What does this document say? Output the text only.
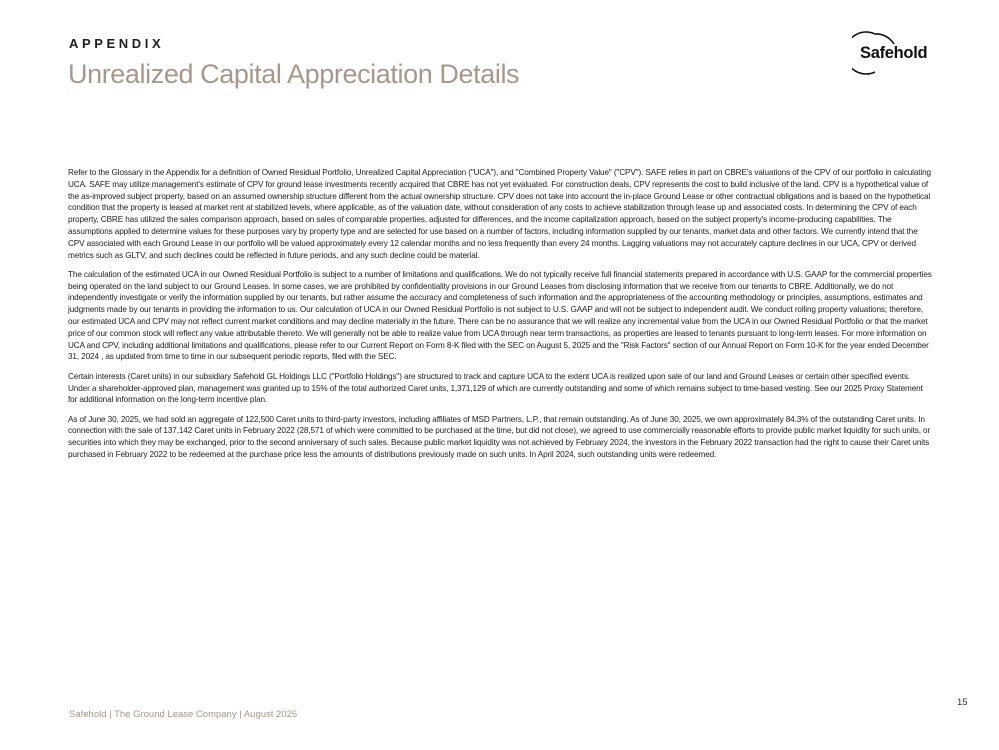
APPENDIX
Unrealized Capital Appreciation Details
Safehold

Refer to the Glossary in the Appendix for a definition of Owned Residual Portfolio, Unrealized Capital Appreciation ("UCA"), and "Combined Property Value" ("CPV"). SAFE relies in part on CBRE's valuations of the CPV of our portfolio in calculating UCA. SAFE may utilize management's estimate of CPV for ground lease investments recently acquired that CBRE has not yet evaluated. For construction deals, CPV represents the cost to build inclusive of the land. CPV is a hypothetical value of the as-improved subject property, based on an assumed ownership structure different from the actual ownership structure. CPV does not take into account the in-place Ground Lease or other contractual obligations and is based on the hypothetical condition that the property is leased at market rent at stabilized levels, where applicable, as of the valuation date, without consideration of any costs to achieve stabilization through lease up and associated costs. In determining the CPV of each property, CBRE has utilized the sales comparison approach, based on sales of comparable properties, adjusted for differences, and the income capitalization approach, based on the subject property's income-producing capabilities. The assumptions applied to determine values for these purposes vary by property type and are selected for use based on a number of factors, including information supplied by our tenants, market data and other factors. We currently intend that the CPV associated with each Ground Lease in our portfolio will be valued approximately every 12 calendar months and no less frequently than every 24 months. Lagging valuations may not accurately capture declines in our UCA, CPV or derived metrics such as GLTV, and such declines could be reflected in future periods, and any such decline could be material.

The calculation of the estimated UCA in our Owned Residual Portfolio is subject to a number of limitations and qualifications. We do not typically receive full financial statements prepared in accordance with U.S. GAAP for the commercial properties being operated on the land subject to our Ground Leases. In some cases, we are prohibited by confidentiality provisions in our Ground Leases from disclosing information that we receive from our tenants to CBRE. Additionally, we do not independently investigate or verify the information supplied by our tenants, but rather assume the accuracy and completeness of such information and the appropriateness of the accounting methodology or principles, assumptions, estimates and judgments made by our tenants in providing the information to us. Our calculation of UCA in our Owned Residual Portfolio is not subject to U.S. GAAP and will not be subject to independent audit. We conduct rolling property valuations; therefore, our estimated UCA and CPV may not reflect current market conditions and may decline materially in the future. There can be no assurance that we will realize any incremental value from the UCA in our Owned Residual Portfolio or that the market price of our common stock will reflect any value attributable thereto. We will generally not be able to realize value from UCA through near term transactions, as properties are leased to tenants pursuant to long-term leases. For more information on UCA and CPV, including additional limitations and qualifications, please refer to our Current Report on Form 8-K filed with the SEC on August 5, 2025 and the "Risk Factors" section of our Annual Report on Form 10-K for the year ended December 31, 2024 , as updated from time to time in our subsequent periodic reports, filed with the SEC.

Certain interests (Caret units) in our subsidiary Safehold GL Holdings LLC ("Portfolio Holdings") are structured to track and capture UCA to the extent UCA is realized upon sale of our land and Ground Leases or certain other specified events. Under a shareholder-approved plan, management was granted up to 15% of the total authorized Caret units, 1,371,129 of which are currently outstanding and some of which remains subject to time-based vesting. See our 2025 Proxy Statement for additional information on the long-term incentive plan.

As of June 30, 2025, we had sold an aggregate of 122,500 Caret units to third-party investors, including affiliates of MSD Partners, L.P., that remain outstanding. As of June 30, 2025, we own approximately 84.3% of the outstanding Caret units. In connection with the sale of 137,142 Caret units in February 2022 (28,571 of which were committed to be purchased at the time, but did not close), we agreed to use commercially reasonable efforts to provide public market liquidity for such units, or securities into which they may be exchanged, prior to the second anniversary of such sales. Because public market liquidity was not achieved by February 2024, the investors in the February 2022 transaction had the right to cause their Caret units purchased in February 2022 to be redeemed at the purchase price less the amounts of distributions previously made on such units. In April 2024, such outstanding units were redeemed.

Safehold | The Ground Lease Company | August 2025
15
